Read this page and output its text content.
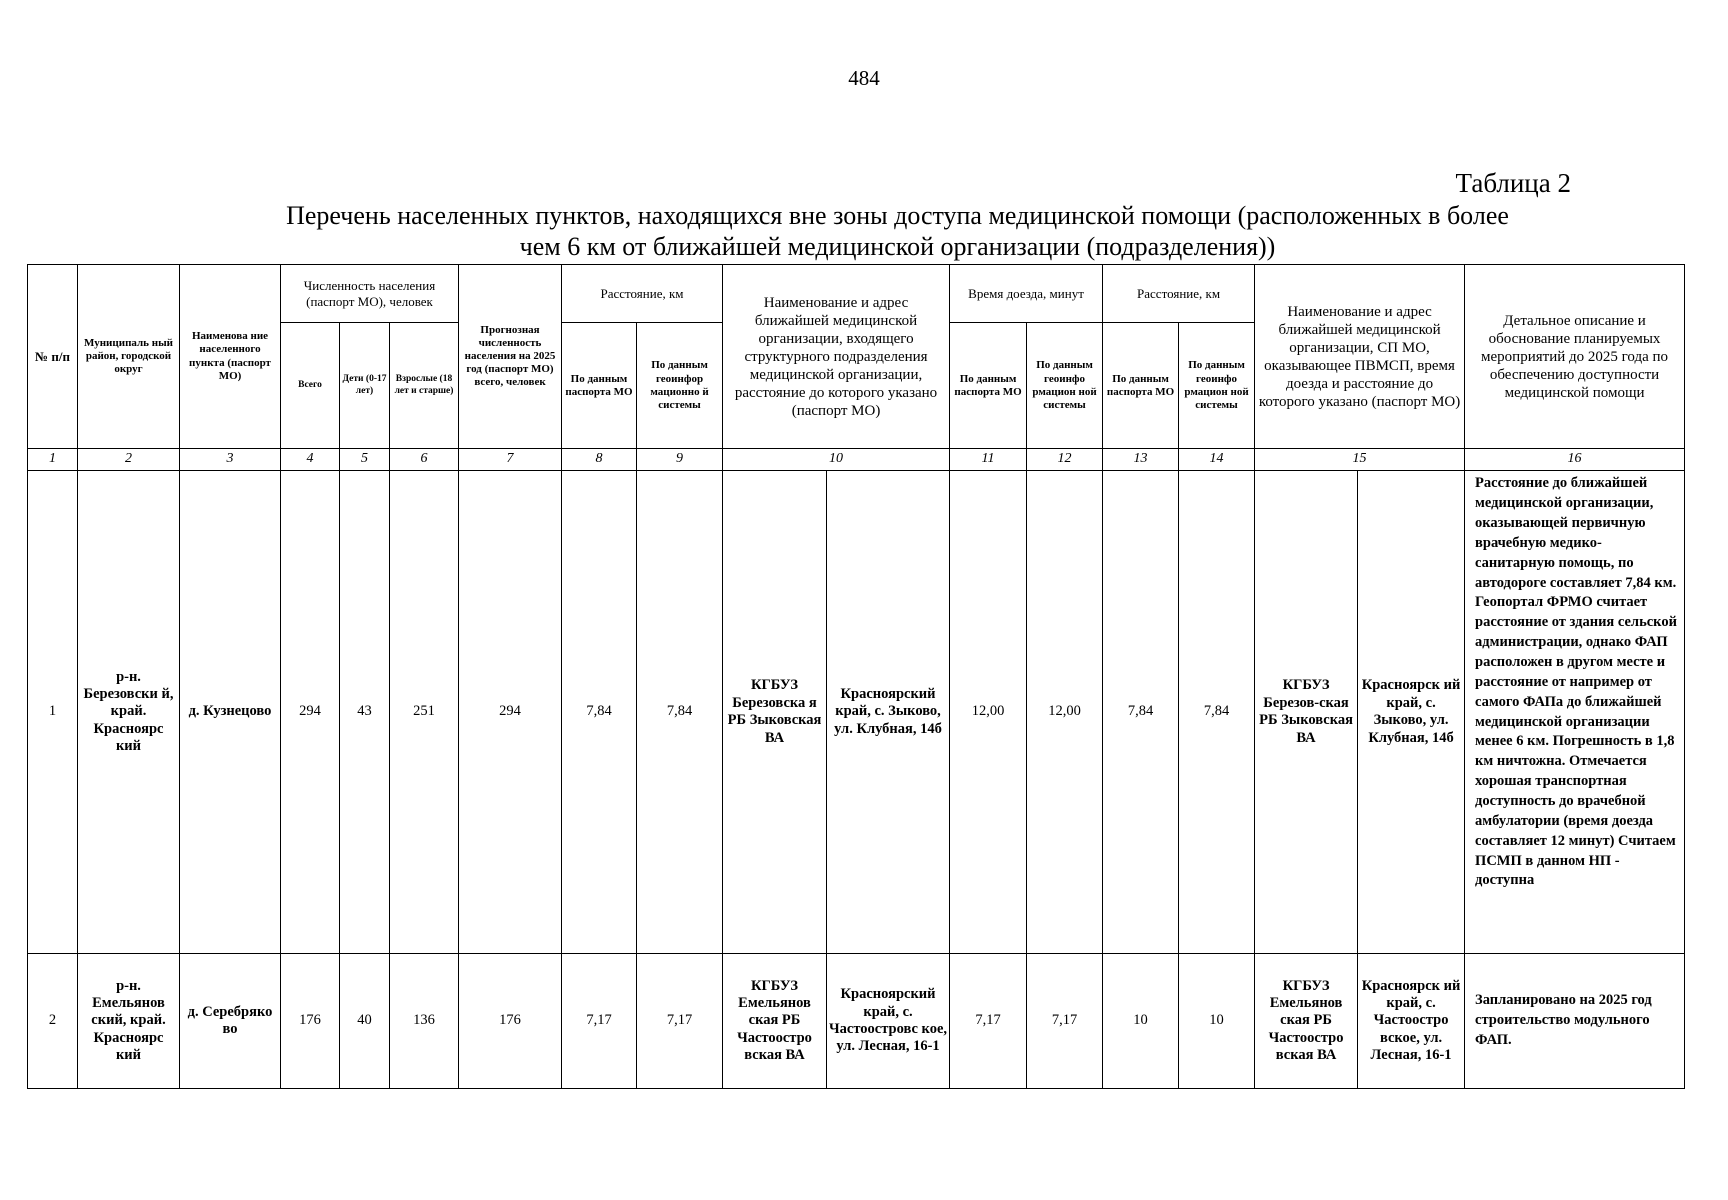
484
Таблица 2
Перечень населенных пунктов, находящихся вне зоны доступа медицинской помощи (расположенных в более
чем 6 км от ближайшей медицинской организации (подразделения))
№ п/п	Муниципаль ный район, городской округ	Наименова ние населенного пункта (паспорт МО)	Численность населения (паспорт МО), человек			Прогнозная численность населения на 2025 год (паспорт МО) всего, человек	Расстояние, км		Наименование и адрес ближайшей медицинской организации, входящего структурного подразделения медицинской организации, расстояние до которого указано (паспорт МО)		Время доезда, минут		Расстояние, км		Наименование и адрес ближайшей медицинской организации, СП МО, оказывающее ПВМСП, время доезда и расстояние до которого указано (паспорт МО)		Детальное описание и обоснование планируемых мероприятий до 2025 года по обеспечению доступности медицинской помощи
			Всего	Дети (0-17 лет)	Взрослые (18 лет и старше)		По данным паспорта МО	По данным геоинфор мационно й системы			По данным паспорта МО	По данным геоинфо рмацион ной системы	По данным паспорта МО	По данным геоинфо рмацион ной системы			
1	2	3	4	5	6	7	8	9	10		11	12	13	14	15		16
1	р-н. Березовски й, край. Красноярс кий	д. Кузнецово	294	43	251	294	7,84	7,84	КГБУЗ Березовска я РБ Зыковская ВА	Красноярский край, с. Зыково, ул. Клубная, 14б	12,00	12,00	7,84	7,84	КГБУЗ Березов-ская РБ Зыковская ВА	Красноярск ий край, с. Зыково, ул. Клубная, 14б	Расстояние до ближайшей медицинской организации, оказывающей первичную врачебную медико-санитарную помощь, по автодороге составляет 7,84 км. Геопортал ФРМО считает расстояние от здания сельской администрации, однако ФАП расположен в другом месте и расстояние от например от самого ФАПа до ближайшей медицинской организации менее 6 км. Погрешность в 1,8 км ничтожна. Отмечается хорошая транспортная доступность до врачебной амбулатории (время доезда составляет 12 минут) Считаем ПСМП в данном НП - доступна
2	р-н. Емельянов ский, край. Красноярс кий	д. Серебряко во	176	40	136	176	7,17	7,17	КГБУЗ Емельянов ская РБ Частоостро вская ВА	Красноярский край, с. Частоостровс кое, ул. Лесная, 16-1	7,17	7,17	10	10	КГБУЗ Емельянов ская РБ Частоостро вская ВА	Красноярск ий край, с. Частоостро вское, ул. Лесная, 16-1	Запланировано на 2025 год строительство модульного ФАП.
